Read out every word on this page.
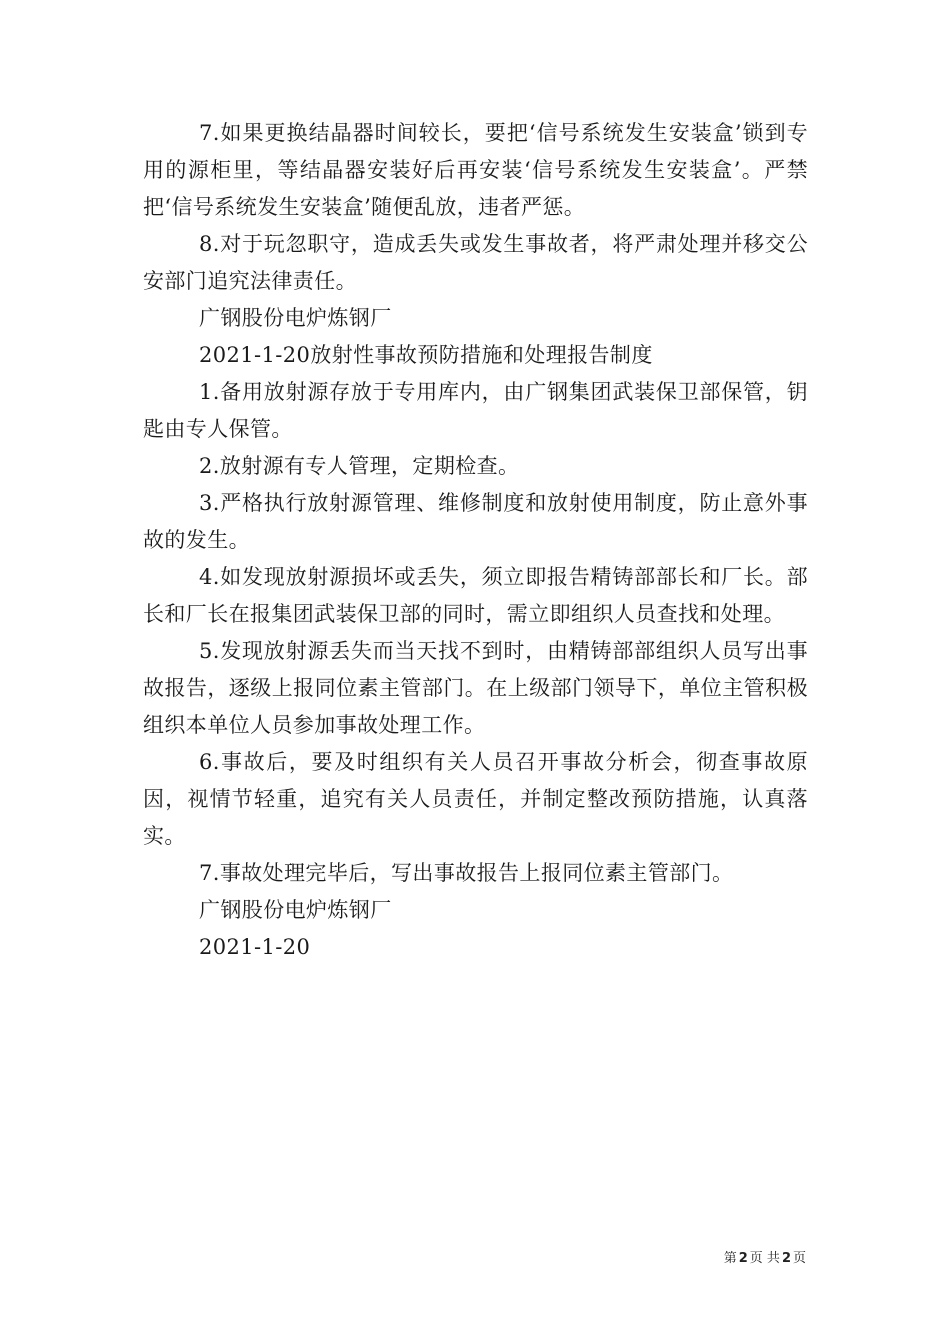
7.如果更换结晶器时间较长，要把‘信号系统发生安装盒’锁到专用的源柜里，等结晶器安装好后再安装‘信号系统发生安装盒’。严禁把‘信号系统发生安装盒’随便乱放，违者严惩。

8.对于玩忽职守，造成丢失或发生事故者，将严肃处理并移交公安部门追究法律责任。

广钢股份电炉炼钢厂

2021-1-20放射性事故预防措施和处理报告制度

1.备用放射源存放于专用库内，由广钢集团武装保卫部保管，钥匙由专人保管。

2.放射源有专人管理，定期检查。

3.严格执行放射源管理、维修制度和放射使用制度，防止意外事故的发生。

4.如发现放射源损坏或丢失，须立即报告精铸部部长和厂长。部长和厂长在报集团武装保卫部的同时，需立即组织人员查找和处理。

5.发现放射源丢失而当天找不到时，由精铸部部组织人员写出事故报告，逐级上报同位素主管部门。在上级部门领导下，单位主管积极组织本单位人员参加事故处理工作。

6.事故后，要及时组织有关人员召开事故分析会，彻查事故原因，视情节轻重，追究有关人员责任，并制定整改预防措施，认真落实。

7.事故处理完毕后，写出事故报告上报同位素主管部门。

广钢股份电炉炼钢厂

2021-1-20

第 2 页 共 2 页
